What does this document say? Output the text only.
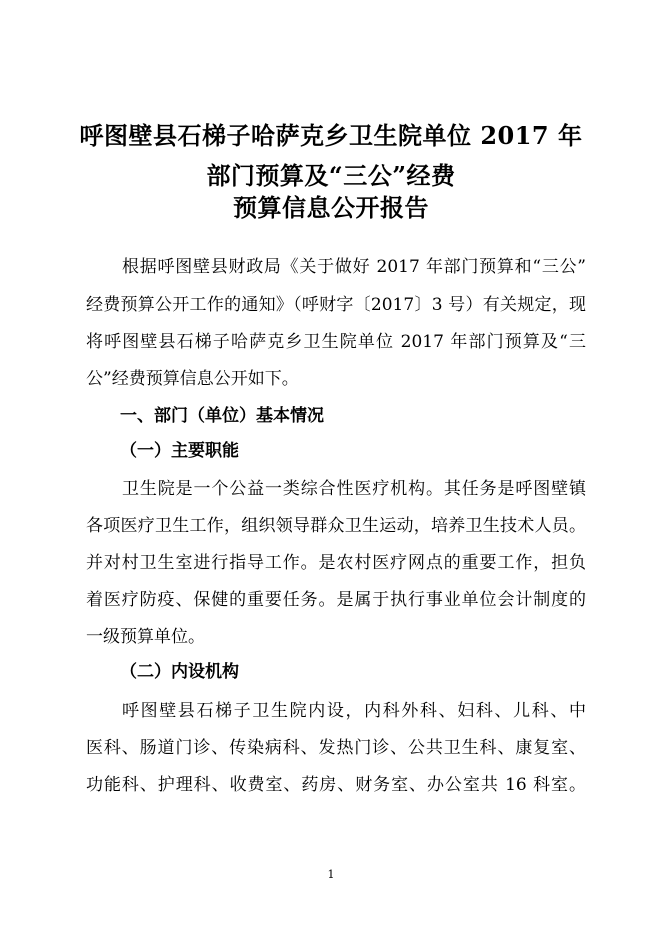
呼图壁县石梯子哈萨克乡卫生院单位 2017 年
部门预算及“三公”经费
预算信息公开报告
根据呼图壁县财政局《关于做好 2017 年部门预算和“三公”
经费预算公开工作的通知》（呼财字〔2017〕3 号）有关规定，现
将呼图壁县石梯子哈萨克乡卫生院单位 2017 年部门预算及“三
公”经费预算信息公开如下。
一、部门（单位）基本情况
（一）主要职能
卫生院是一个公益一类综合性医疗机构。其任务是呼图壁镇
各项医疗卫生工作，组织领导群众卫生运动，培养卫生技术人员。
并对村卫生室进行指导工作。是农村医疗网点的重要工作，担负
着医疗防疫、保健的重要任务。是属于执行事业单位会计制度的
一级预算单位。
（二）内设机构
呼图壁县石梯子卫生院内设，内科外科、妇科、儿科、中
医科、肠道门诊、传染病科、发热门诊、公共卫生科、康复室、
功能科、护理科、收费室、药房、财务室、办公室共 16 科室。
1
